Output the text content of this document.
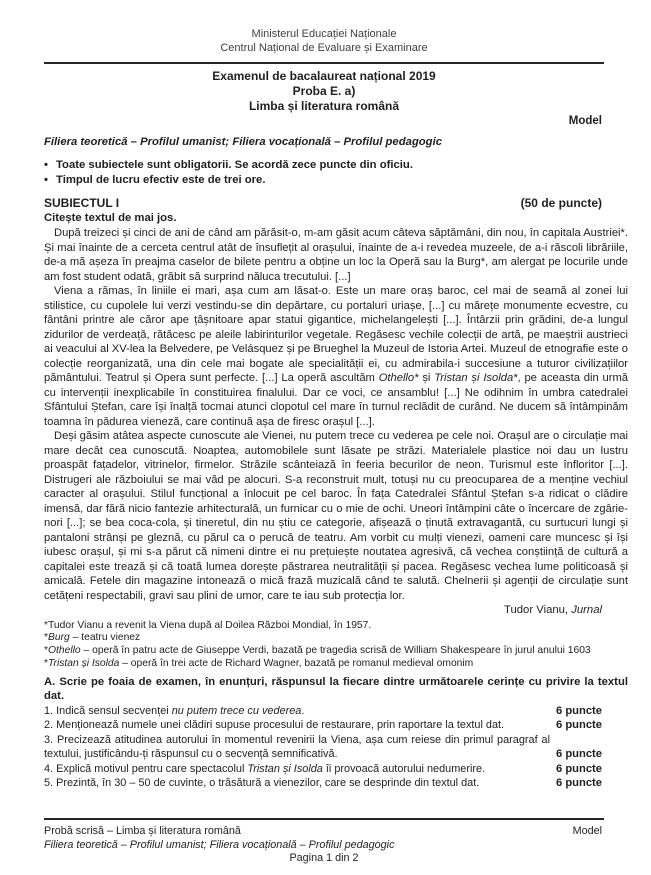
Ministerul Educației Naționale
Centrul Național de Evaluare și Examinare
Examenul de bacalaureat național 2019
Proba E. a)
Limba și literatura română
Model
Filiera teoretică – Profilul umanist; Filiera vocațională – Profilul pedagogic
• Toate subiectele sunt obligatorii. Se acordă zece puncte din oficiu.
• Timpul de lucru efectiv este de trei ore.
SUBIECTUL I	(50 de puncte)
Citește textul de mai jos.

După treizeci și cinci de ani de când am părăsit-o, m-am găsit acum câteva săptămâni, din nou, în capitala Austriei*. Și mai înainte de a cerceta centrul atât de însuflețit al orașului, înainte de a-i revedea muzeele, de a-i răscoli librăriile, de-a mă așeza în preajma caselor de bilete pentru a obține un loc la Operă sau la Burg*, am alergat pe locurile unde am fost student odată, grăbit să surprind năluca trecutului. [...]

Viena a rămas, în liniile ei mari, așa cum am lăsat-o. Este un mare oraș baroc, cel mai de seamă al zonei lui stilistice, cu cupolele lui verzi vestindu-se din depărtare, cu portaluri uriașe, [...] cu mărețe monumente ecvestre, cu fântâni printre ale căror ape țâșnitoare apar statui gigantice, michelangelești [...]. Întârzii prin grădini, de-a lungul zidurilor de verdeață, rătăcesc pe aleile labirinturilor vegetale. Regăsesc vechile colecții de artă, pe maeștrii austrieci ai veacului al XV-lea la Belvedere, pe Velásquez și pe Brueghel la Muzeul de Istoria Artei. Muzeul de etnografie este o colecție reorganizată, una din cele mai bogate ale specialității ei, cu admirabila-i succesiune a tuturor civilizațiilor pământului. Teatrul și Opera sunt perfecte. [...] La operă ascultăm Othello* și Tristan și Isolda*, pe aceasta din urmă cu intervenții inexplicabile în constituirea finalului. Dar ce voci, ce ansamblu! [...] Ne odihnim în umbra catedralei Sfântului Ștefan, care își înalță tocmai atunci clopotul cel mare în turnul reclădit de curând. Ne ducem să întâmpinăm toamna în pădurea vieneză, care continuă așa de firesc orașul [...].

Deși găsim atâtea aspecte cunoscute ale Vienei, nu putem trece cu vederea pe cele noi. Orașul are o circulație mai mare decât cea cunoscută. Noaptea, automobilele sunt lăsate pe străzi. Materialele plastice noi dau un lustru proaspăt fațadelor, vitrinelor, firmelor. Străzile scânteiază în feeria becurilor de neon. Turismul este înfloritor [...]. Distrugeri ale războiului se mai văd pe alocuri. S-a reconstruit mult, totuși nu cu preocuparea de a menține vechiul caracter al orașului. Stilul funcțional a înlocuit pe cel baroc. În fața Catedralei Sfântul Ștefan s-a ridicat o clădire imensă, dar fără nicio fantezie arhitecturală, un furnicar cu o mie de ochi. Uneori întâmpini câte o încercare de zgârie-nori [...]; se bea coca-cola, și tineretul, din nu știu ce categorie, afișează o ținută extravagantă, cu surtucuri lungi și pantaloni strânși pe gleznă, cu părul ca o perucă de teatru. Am vorbit cu mulți vienezi, oameni care muncesc și își iubesc orașul, și mi s-a părut că nimeni dintre ei nu prețuiește noutatea agresivă, că vechea conștiință de cultură a capitalei este trează și că toată lumea dorește păstrarea neutralității și pacea. Regăsesc vechea lume politicoasă și amicală. Fetele din magazine intonează o mică frază muzicală când te salută. Chelnerii și agenții de circulație sunt cetățeni respectabili, gravi sau plini de umor, care te iau sub protecția lor.

Tudor Vianu, Jurnal
*Tudor Vianu a revenit la Viena după al Doilea Război Mondial, în 1957.
*Burg – teatru vienez
*Othello – operă în patru acte de Giuseppe Verdi, bazată pe tragedia scrisă de William Shakespeare în jurul anului 1603
*Tristan și Isolda – operă în trei acte de Richard Wagner, bazată pe romanul medieval omonim
A. Scrie pe foaia de examen, în enunțuri, răspunsul la fiecare dintre următoarele cerințe cu privire la textul dat.
1. Indică sensul secvenței nu putem trece cu vederea.	6 puncte
2. Menționează numele unei clădiri supuse procesului de restaurare, prin raportare la textul dat.	6 puncte
3. Precizează atitudinea autorului în momentul revenirii la Viena, așa cum reiese din primul paragraf al textului, justificându-ți răspunsul cu o secvență semnificativă.	6 puncte
4. Explică motivul pentru care spectacolul Tristan și Isolda îi provoacă autorului nedumerire.	6 puncte
5. Prezintă, în 30 – 50 de cuvinte, o trăsătură a vienezilor, care se desprinde din textul dat.	6 puncte
Probă scrisă – Limba și literatura română	Model
Filiera teoretică – Profilul umanist; Filiera vocațională – Profilul pedagogic
Pagina 1 din 2
